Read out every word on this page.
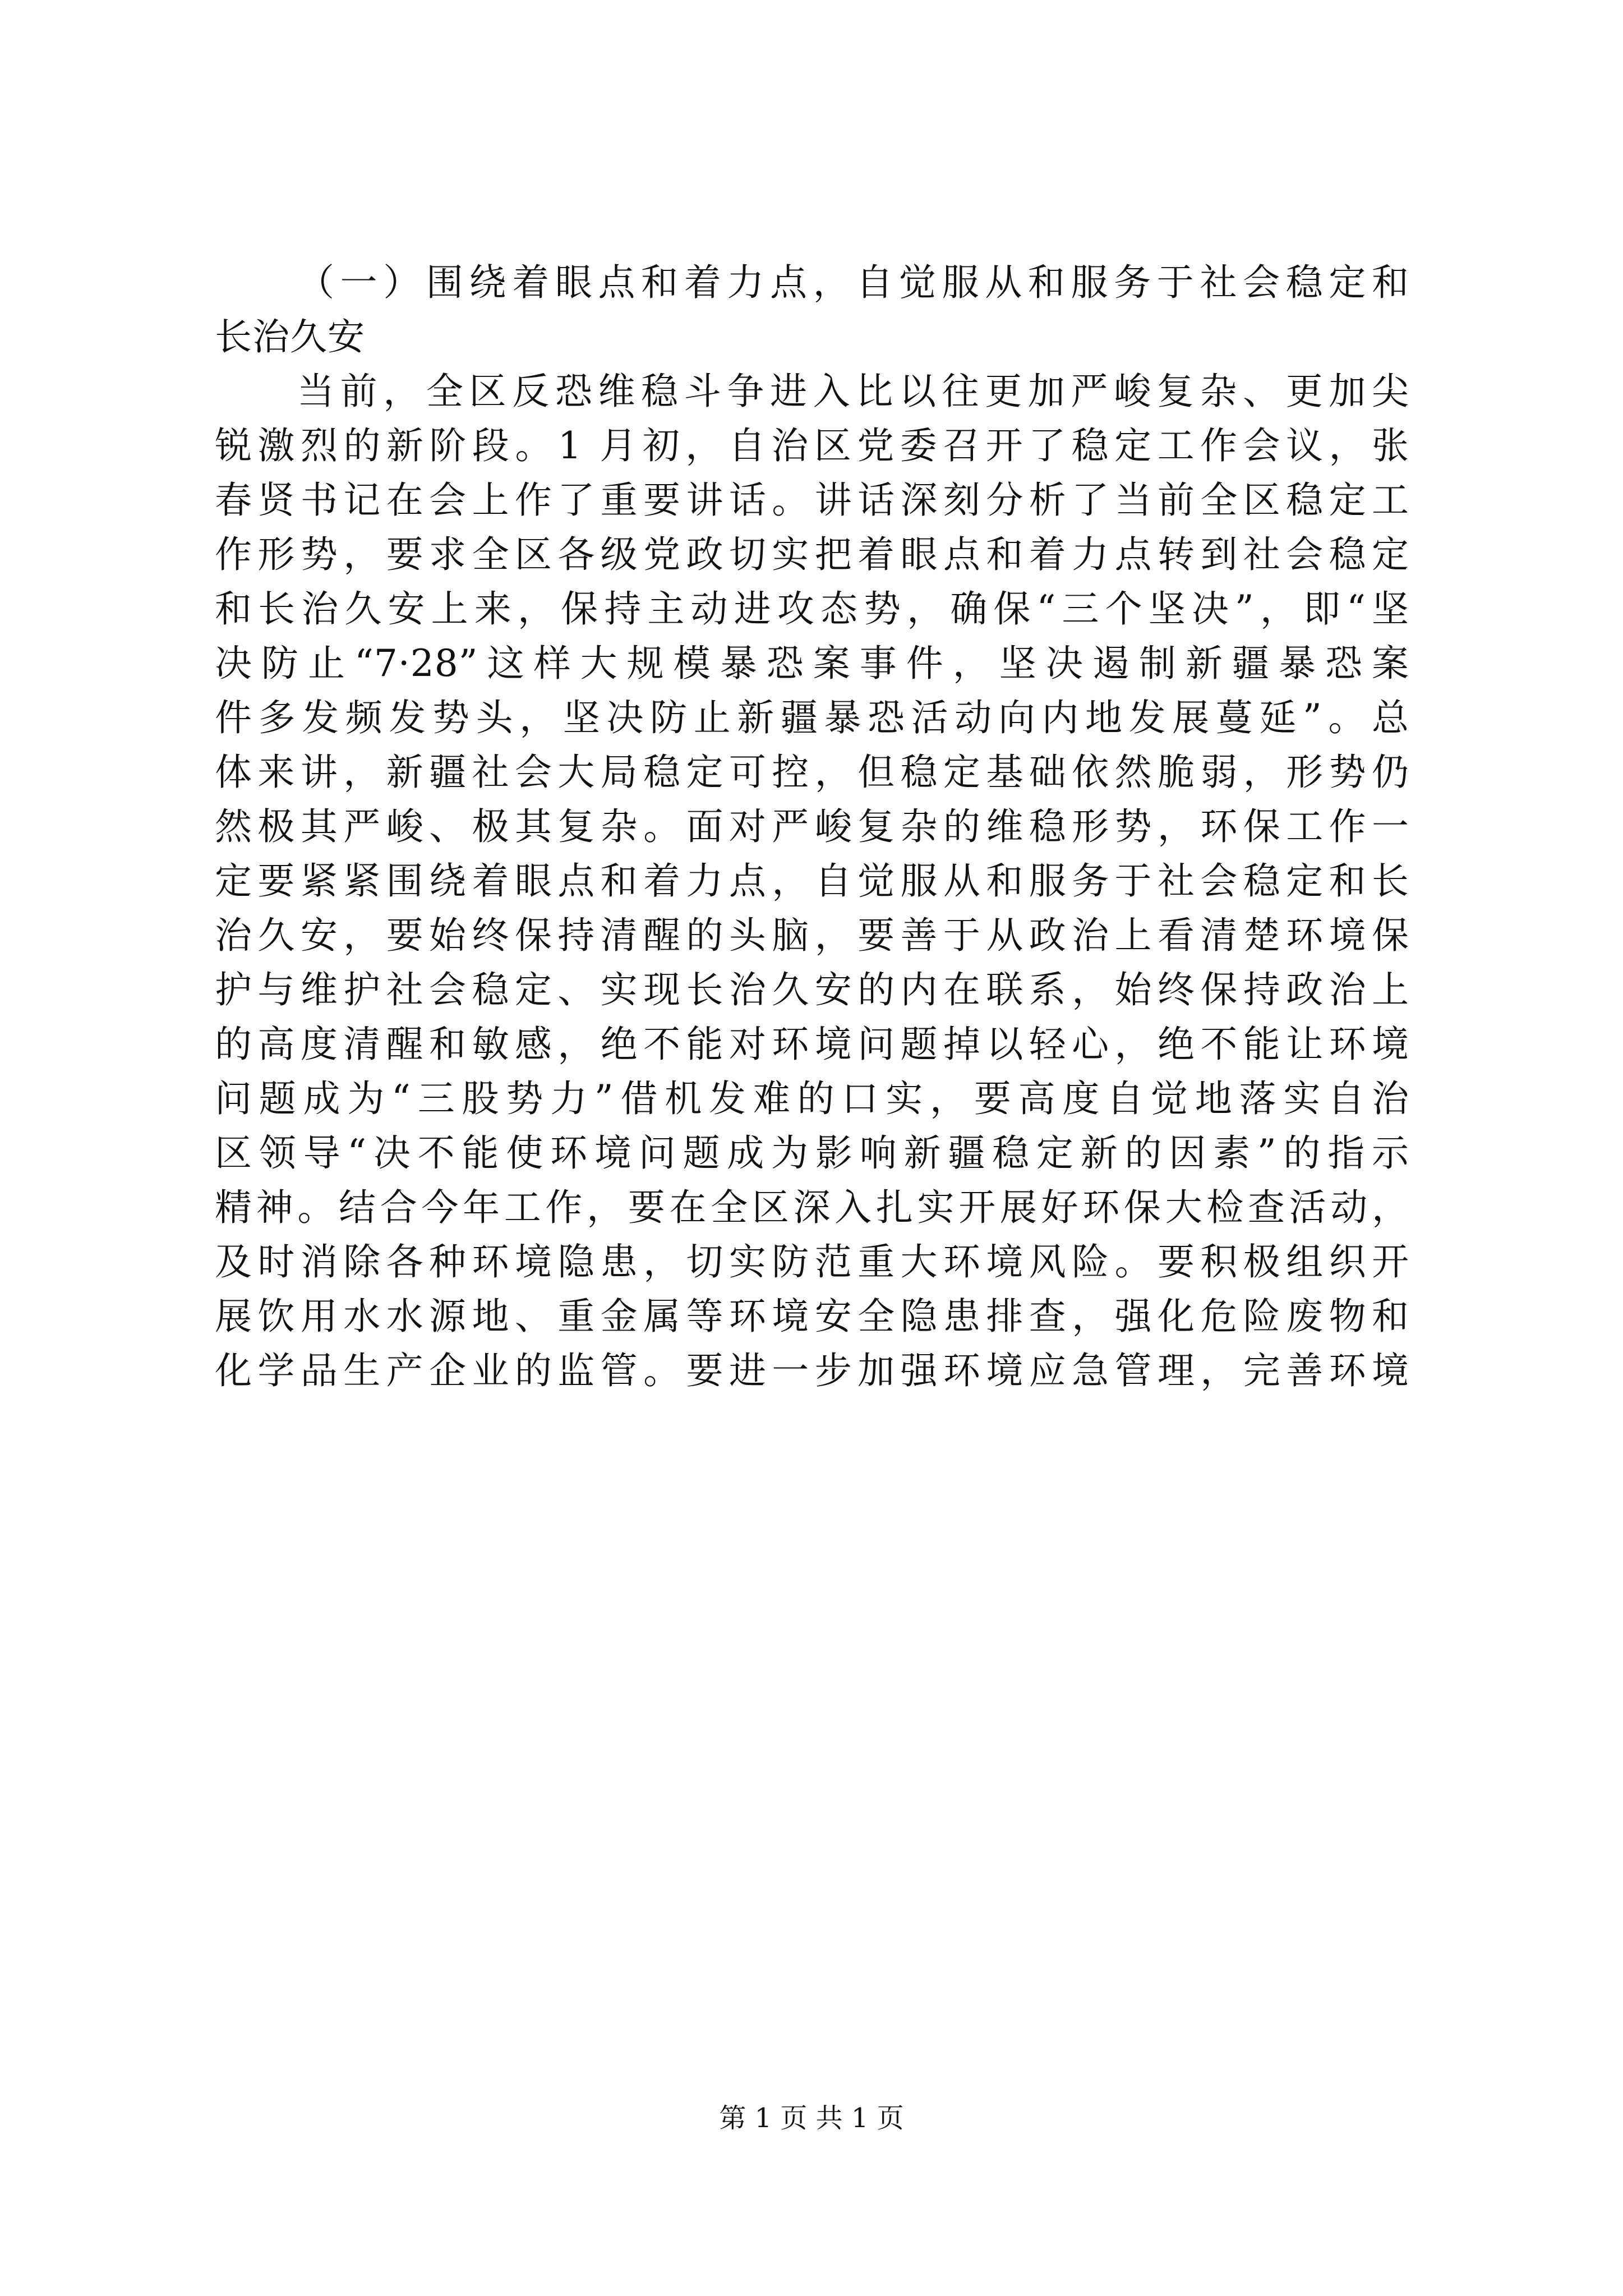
（一）围绕着眼点和着力点，自觉服从和服务于社会稳定和
长治久安
当前，全区反恐维稳斗争进入比以往更加严峻复杂、更加尖
锐激烈的新阶段。1 月初，自治区党委召开了稳定工作会议，张
春贤书记在会上作了重要讲话。讲话深刻分析了当前全区稳定工
作形势，要求全区各级党政切实把着眼点和着力点转到社会稳定
和长治久安上来，保持主动进攻态势，确保“三个坚决”，即“坚
决防止“7·28”这样大规模暴恐案事件，坚决遏制新疆暴恐案
件多发频发势头，坚决防止新疆暴恐活动向内地发展蔓延”。总
体来讲，新疆社会大局稳定可控，但稳定基础依然脆弱，形势仍
然极其严峻、极其复杂。面对严峻复杂的维稳形势，环保工作一
定要紧紧围绕着眼点和着力点，自觉服从和服务于社会稳定和长
治久安，要始终保持清醒的头脑，要善于从政治上看清楚环境保
护与维护社会稳定、实现长治久安的内在联系，始终保持政治上
的高度清醒和敏感，绝不能对环境问题掉以轻心，绝不能让环境
问题成为“三股势力”借机发难的口实，要高度自觉地落实自治
区领导“决不能使环境问题成为影响新疆稳定新的因素”的指示
精神。结合今年工作，要在全区深入扎实开展好环保大检查活动，
及时消除各种环境隐患，切实防范重大环境风险。要积极组织开
展饮用水水源地、重金属等环境安全隐患排查，强化危险废物和
化学品生产企业的监管。要进一步加强环境应急管理，完善环境
第 1 页 共 1 页
